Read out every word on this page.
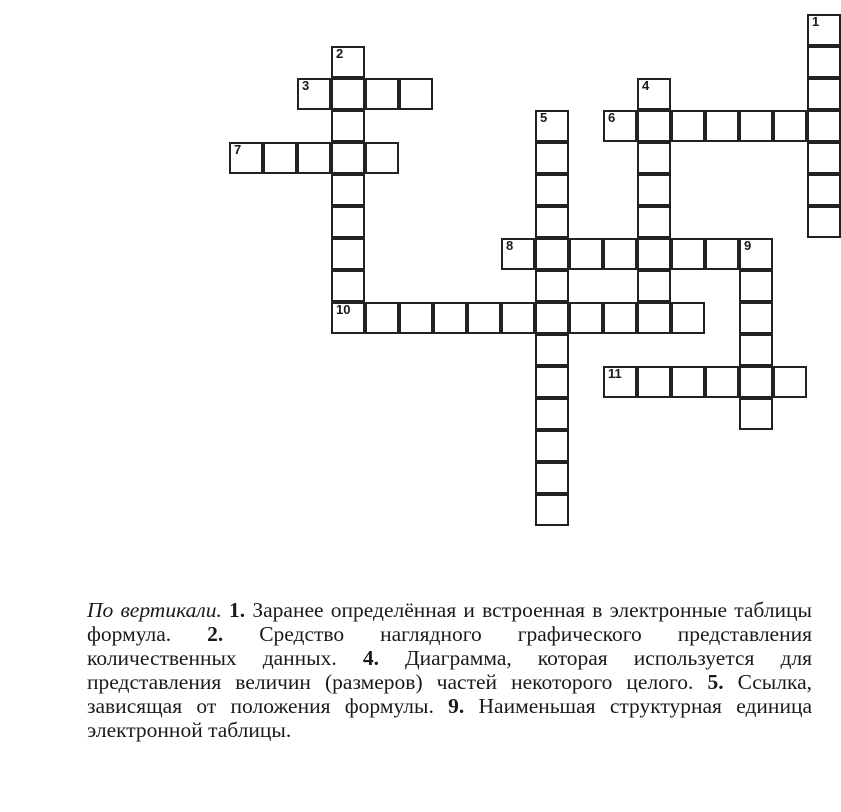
1
2
10
3	4
5	6
7
8	9
11

По вертикали. 1. Заранее определённая и встроенная в электронные таблицы формула. 2. Средство наглядного графического представления количественных данных. 4. Диаграмма, которая используется для представления величин (размеров) частей некоторого целого. 5. Ссылка, зависящая от положения формулы. 9. Наименьшая структурная единица электронной таблицы.
